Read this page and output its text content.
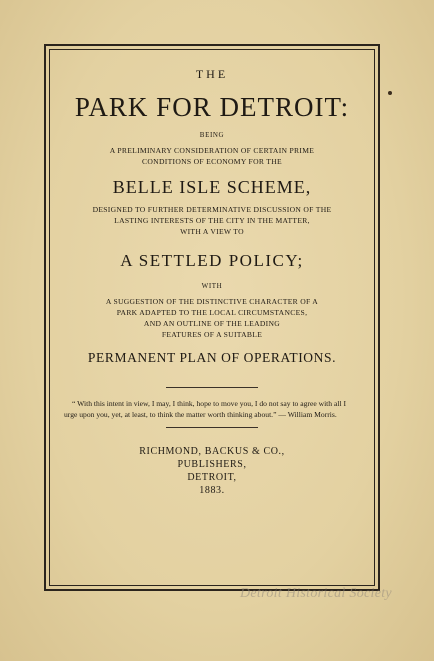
THE
PARK FOR DETROIT:
BEING
A PRELIMINARY CONSIDERATION OF CERTAIN PRIME
CONDITIONS OF ECONOMY FOR THE
BELLE ISLE SCHEME,
DESIGNED TO FURTHER DETERMINATIVE DISCUSSION OF THE
LASTING INTERESTS OF THE CITY IN THE MATTER,
WITH A VIEW TO
A SETTLED POLICY;
WITH
A SUGGESTION OF THE DISTINCTIVE CHARACTER OF A
PARK ADAPTED TO THE LOCAL CIRCUMSTANCES,
AND AN OUTLINE OF THE LEADING
FEATURES OF A SUITABLE
PERMANENT PLAN OF OPERATIONS.
“ With this intent in view, I may, I think, hope to move you, I do not say to agree with all I urge upon you, yet, at least, to think the matter worth thinking about.” — William Morris.
RICHMOND, BACKUS & CO.,
PUBLISHERS,
DETROIT,
1883.
Detroit Historical Society
